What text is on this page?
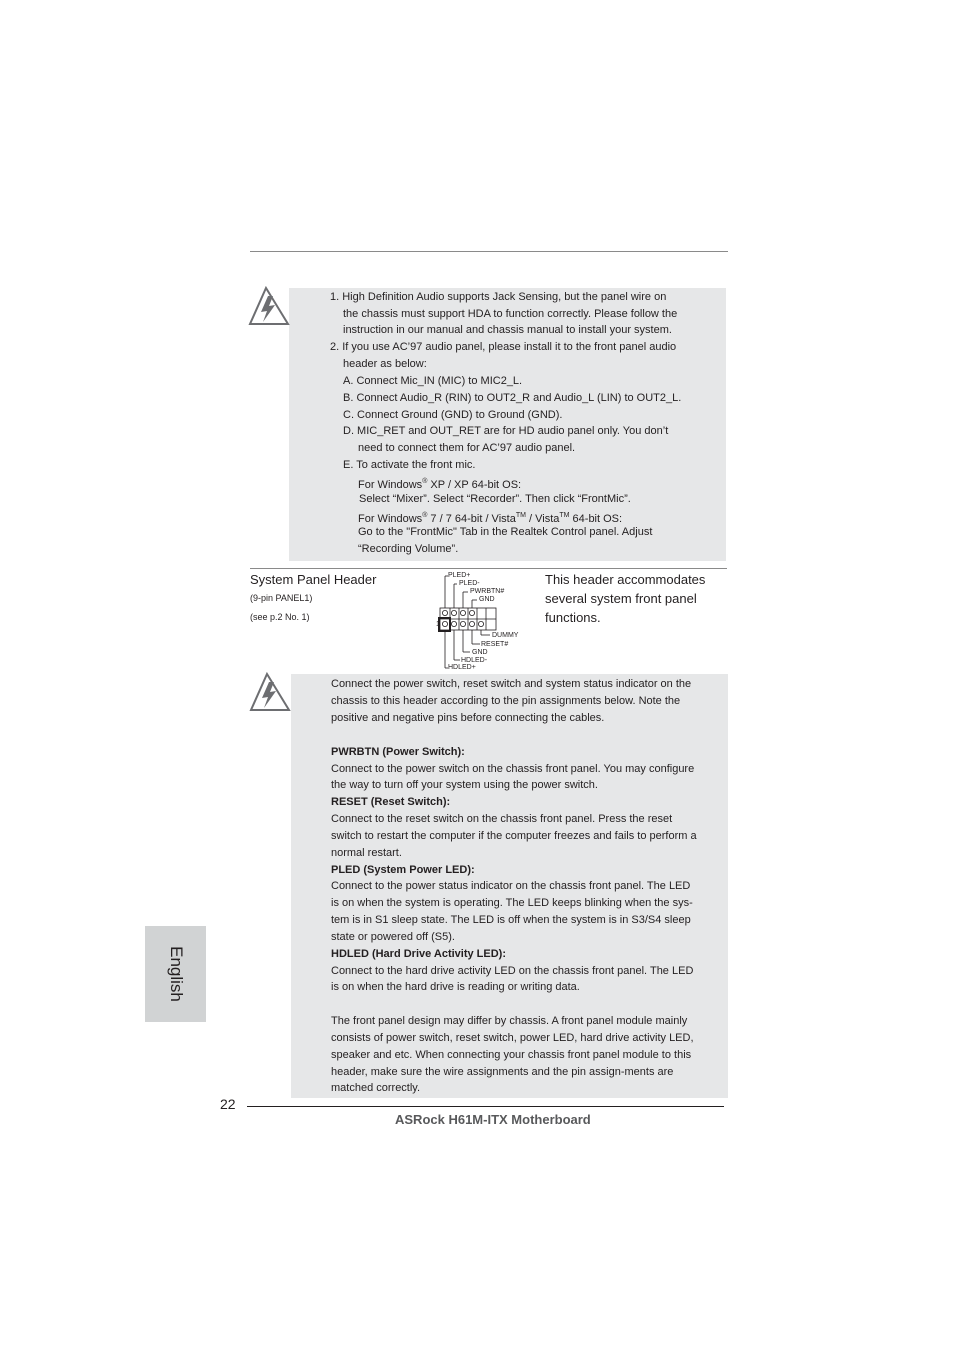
1. High Definition Audio supports Jack Sensing, but the panel wire on
the chassis must support HDA to function correctly. Please follow the
instruction in our manual and chassis manual to install your system.
2. If you use AC’97 audio panel, please install it to the front panel audio
header as below:
A. Connect Mic_IN (MIC) to MIC2_L.
B. Connect Audio_R (RIN) to OUT2_R and Audio_L (LIN) to OUT2_L.
C. Connect Ground (GND) to Ground (GND).
D. MIC_RET and OUT_RET are for HD audio panel only. You don’t
need to connect them for AC’97 audio panel.
E. To activate the front mic.
For Windows® XP / XP 64-bit OS:
Select “Mixer”. Select “Recorder”. Then click “FrontMic”.
For Windows® 7 / 7 64-bit / Vista™ / Vista™ 64-bit OS:
Go to the "FrontMic" Tab in the Realtek Control panel. Adjust
“Recording Volume”.
System Panel Header
(9-pin PANEL1)
(see p.2 No. 1)
This header accommodates
several system front panel
functions.
1
PLED+
PLED-
PWRBTN#
GND
DUMMY
RESET#
GND
HDLED-
HDLED+
Connect the power switch, reset switch and system status indicator on the
chassis to this header according to the pin assignments below. Note the
positive and negative pins before connecting the cables.
PWRBTN (Power Switch):
Connect to the power switch on the chassis front panel. You may configure
the way to turn off your system using the power switch.
RESET (Reset Switch):
Connect to the reset switch on the chassis front panel. Press the reset
switch to restart the computer if the computer freezes and fails to perform a
normal restart.
PLED (System Power LED):
Connect to the power status indicator on the chassis front panel. The LED
is on when the system is operating. The LED keeps blinking when the sys-
tem is in S1 sleep state. The LED is off when the system is in S3/S4 sleep
state or powered off (S5).
HDLED (Hard Drive Activity LED):
Connect to the hard drive activity LED on the chassis front panel. The LED
is on when the hard drive is reading or writing data.
The front panel design may differ by chassis. A front panel module mainly
consists of power switch, reset switch, power LED, hard drive activity LED,
speaker and etc. When connecting your chassis front panel module to this
header, make sure the wire assignments and the pin assign-ments are
matched correctly.
English
22
ASRock H61M-ITX Motherboard
